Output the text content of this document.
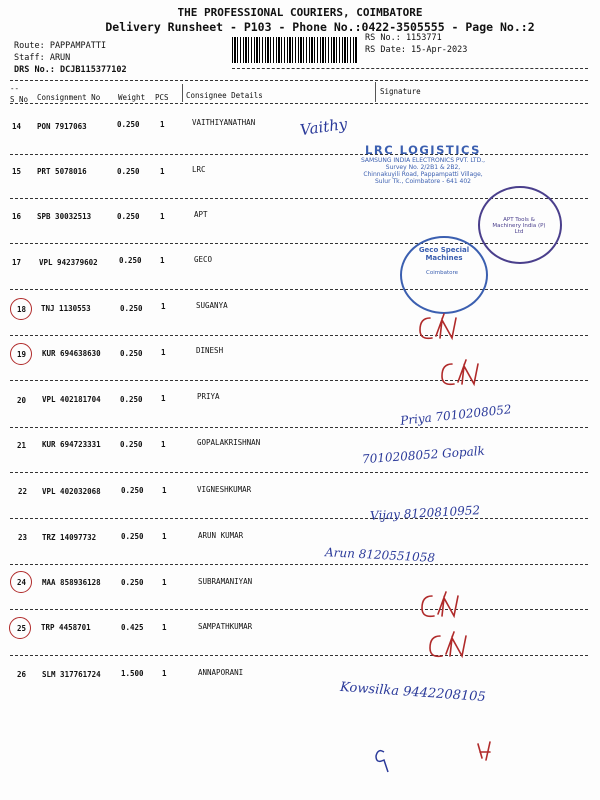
THE PROFESSIONAL COURIERS, COIMBATORE
Delivery Runsheet - P103 - Phone No.:0422-3505555 - Page No.:2
Route: PAPPAMPATTI
Staff: ARUN
DRS No.: DCJB115377102
RS No.: 1153771
RS Date: 15-Apr-2023
--
S No Consignment No Weight PCS Consignee Details	Signature
14 PON 7917063	0.250	1	VAITHIYANATHAN
15 PRT 5078016	0.250	1	LRC
16 SPB 30032513	0.250	1	APT
17 VPL 942379602	0.250 1	GECO
18 TNJ 1130553	0.250 1	SUGANYA
19 KUR 694638630	0.250 1	DINESH
20 VPL 402181704	0.250 1	PRIYA
21 KUR 694723331	0.250 1	GOPALAKRISHNAN
22 VPL 402032068	0.250 1	VIGNESHKUMAR
23 TRZ 14097732	0.250 1	ARUN KUMAR
24 MAA 858936128	0.250 1	SUBRAMANIYAN
25 TRP 4458701	0.425 1	SAMPATHKUMAR
26 SLM 317761724	1.500 1	ANNAPORANI
LRC LOGISTICS
SAMSUNG INDIA ELECTRONICS PVT. LTD.,
Survey No. 2/2B1 & 2B2,
Chinnakuyili Road, Pappampatti Village,
Sulur Tk., Coimbatore - 641 402
APT Tools & Machinery India (P) Ltd
Geco Special Machines
Coimbatore
Vaithy
Priya 7010208052
7010208052 Gopalk
Vijay 8120810952
Arun 8120551058
Kowsilka 9442208105
